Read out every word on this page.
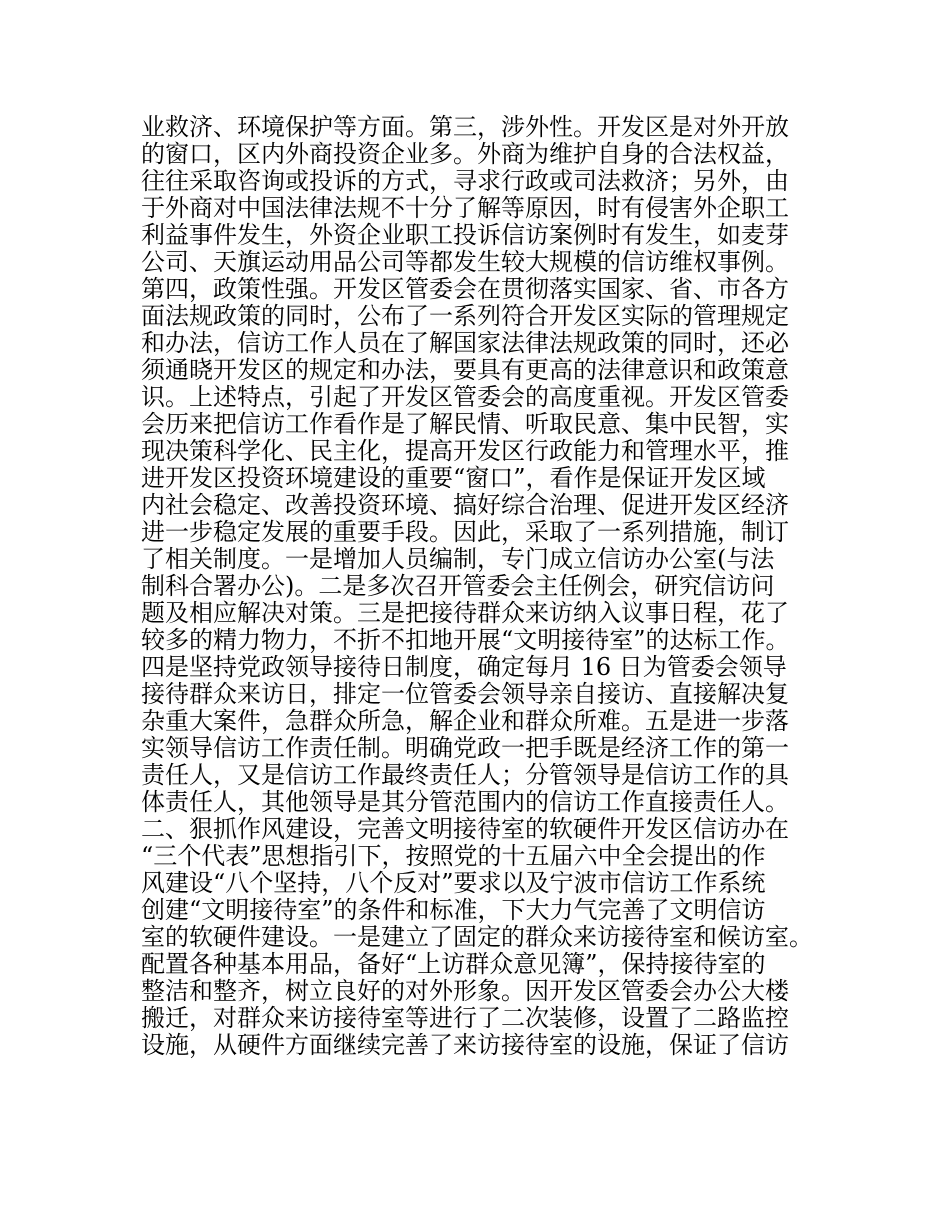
业救济、环境保护等方面。第三，涉外性。开发区是对外开放
的窗口，区内外商投资企业多。外商为维护自身的合法权益，
往往采取咨询或投诉的方式，寻求行政或司法救济；另外，由
于外商对中国法律法规不十分了解等原因，时有侵害外企职工
利益事件发生，外资企业职工投诉信访案例时有发生，如麦芽
公司、天旗运动用品公司等都发生较大规模的信访维权事例。
第四，政策性强。开发区管委会在贯彻落实国家、省、市各方
面法规政策的同时，公布了一系列符合开发区实际的管理规定
和办法，信访工作人员在了解国家法律法规政策的同时，还必
须通晓开发区的规定和办法，要具有更高的法律意识和政策意
识。上述特点，引起了开发区管委会的高度重视。开发区管委
会历来把信访工作看作是了解民情、听取民意、集中民智，实
现决策科学化、民主化，提高开发区行政能力和管理水平，推
进开发区投资环境建设的重要“窗口”，看作是保证开发区域
内社会稳定、改善投资环境、搞好综合治理、促进开发区经济
进一步稳定发展的重要手段。因此，采取了一系列措施，制订
了相关制度。一是增加人员编制，专门成立信访办公室(与法
制科合署办公)。二是多次召开管委会主任例会，研究信访问
题及相应解决对策。三是把接待群众来访纳入议事日程，花了
较多的精力物力，不折不扣地开展“文明接待室”的达标工作。
四是坚持党政领导接待日制度，确定每月 16 日为管委会领导
接待群众来访日，排定一位管委会领导亲自接访、直接解决复
杂重大案件，急群众所急，解企业和群众所难。五是进一步落
实领导信访工作责任制。明确党政一把手既是经济工作的第一
责任人，又是信访工作最终责任人；分管领导是信访工作的具
体责任人，其他领导是其分管范围内的信访工作直接责任人。
二、狠抓作风建设，完善文明接待室的软硬件开发区信访办在
“三个代表”思想指引下，按照党的十五届六中全会提出的作
风建设“八个坚持，八个反对”要求以及宁波市信访工作系统
创建“文明接待室”的条件和标准，下大力气完善了文明信访
室的软硬件建设。一是建立了固定的群众来访接待室和候访室。
配置各种基本用品，备好“上访群众意见簿”，保持接待室的
整洁和整齐，树立良好的对外形象。因开发区管委会办公大楼
搬迁，对群众来访接待室等进行了二次装修，设置了二路监控
设施，从硬件方面继续完善了来访接待室的设施，保证了信访
